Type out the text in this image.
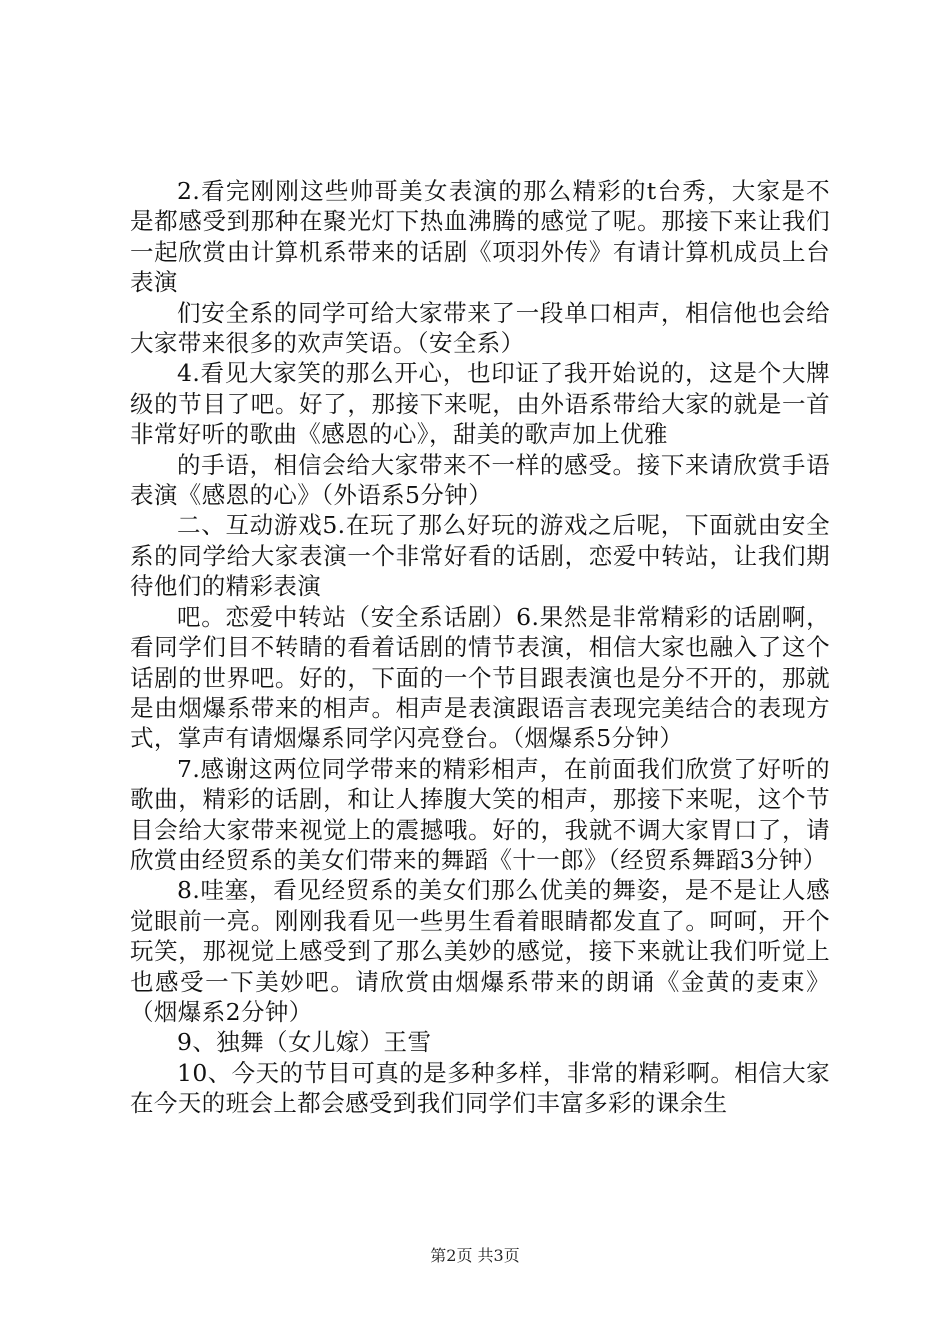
2.看完刚刚这些帅哥美女表演的那么精彩的t台秀，大家是不是都感受到那种在聚光灯下热血沸腾的感觉了呢。那接下来让我们一起欣赏由计算机系带来的话剧《项羽外传》有请计算机成员上台表演

们安全系的同学可给大家带来了一段单口相声，相信他也会给大家带来很多的欢声笑语。（安全系）

4.看见大家笑的那么开心，也印证了我开始说的，这是个大牌级的节目了吧。好了，那接下来呢，由外语系带给大家的就是一首非常好听的歌曲《感恩的心》，甜美的歌声加上优雅

的手语，相信会给大家带来不一样的感受。接下来请欣赏手语表演《感恩的心》（外语系5分钟）

二、互动游戏5.在玩了那么好玩的游戏之后呢，下面就由安全系的同学给大家表演一个非常好看的话剧，恋爱中转站，让我们期待他们的精彩表演

吧。恋爱中转站（安全系话剧）6.果然是非常精彩的话剧啊，看同学们目不转睛的看着话剧的情节表演，相信大家也融入了这个话剧的世界吧。好的，下面的一个节目跟表演也是分不开的，那就是由烟爆系带来的相声。相声是表演跟语言表现完美结合的表现方式，掌声有请烟爆系同学闪亮登台。（烟爆系5分钟）

7.感谢这两位同学带来的精彩相声，在前面我们欣赏了好听的歌曲，精彩的话剧，和让人捧腹大笑的相声，那接下来呢，这个节目会给大家带来视觉上的震撼哦。好的，我就不调大家胃口了，请欣赏由经贸系的美女们带来的舞蹈《十一郎》（经贸系舞蹈3分钟）

8.哇塞，看见经贸系的美女们那么优美的舞姿，是不是让人感觉眼前一亮。刚刚我看见一些男生看着眼睛都发直了。呵呵，开个玩笑，那视觉上感受到了那么美妙的感觉，接下来就让我们听觉上也感受一下美妙吧。请欣赏由烟爆系带来的朗诵《金黄的麦束》（烟爆系2分钟）

9、独舞（女儿嫁）王雪

10、今天的节目可真的是多种多样，非常的精彩啊。相信大家在今天的班会上都会感受到我们同学们丰富多彩的课余生

第2页 共3页
